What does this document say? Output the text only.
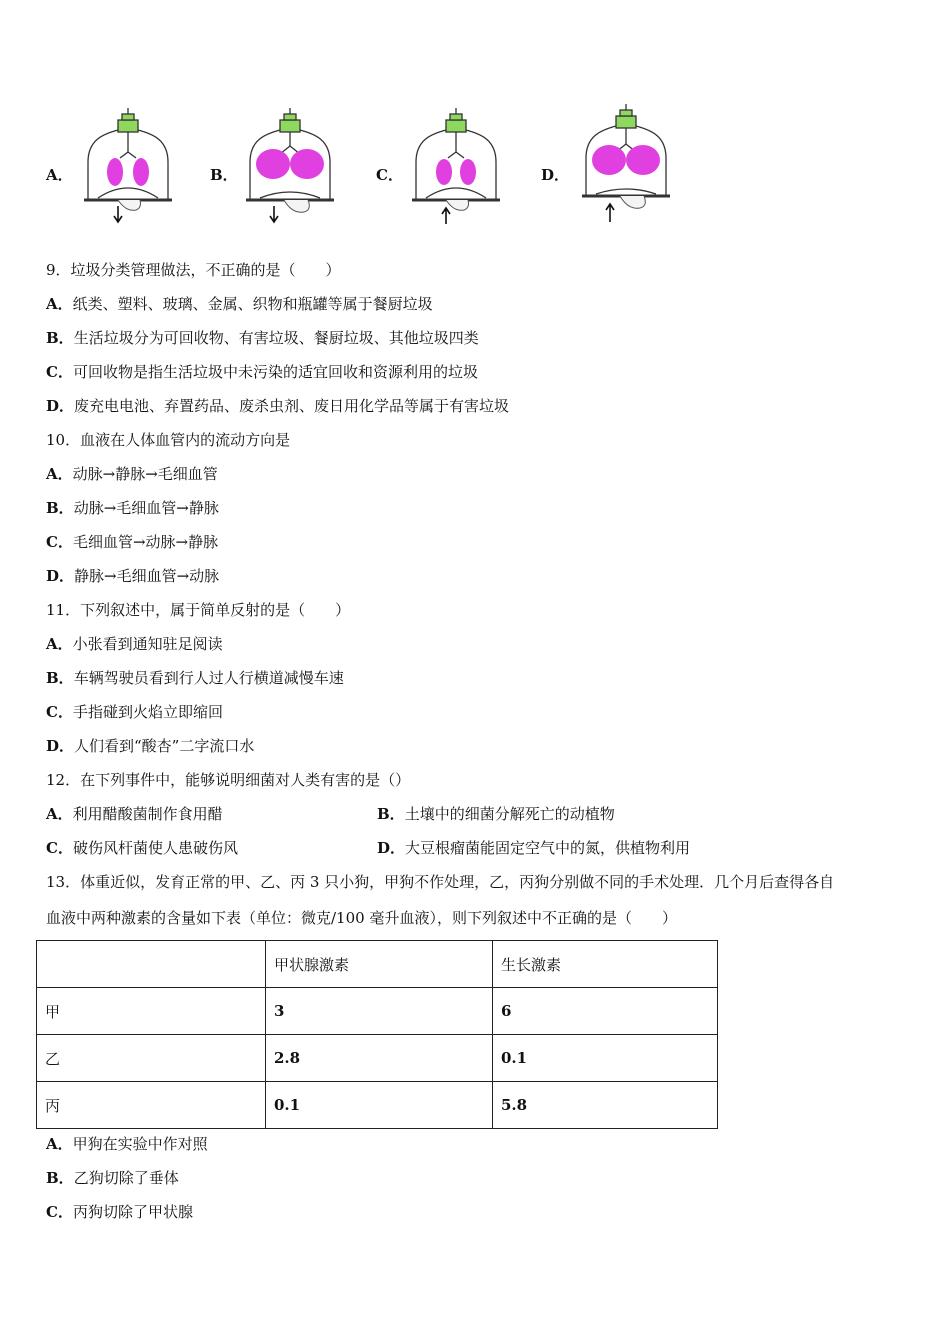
A．	B．	C．	D．
9．垃圾分类管理做法，不正确的是（　　）
A．纸类、塑料、玻璃、金属、织物和瓶罐等属于餐厨垃圾
B．生活垃圾分为可回收物、有害垃圾、餐厨垃圾、其他垃圾四类
C．可回收物是指生活垃圾中未污染的适宜回收和资源利用的垃圾
D．废充电电池、弃置药品、废杀虫剂、废日用化学品等属于有害垃圾
10．血液在人体血管内的流动方向是
A．动脉→静脉→毛细血管
B．动脉→毛细血管→静脉
C．毛细血管→动脉→静脉
D．静脉→毛细血管→动脉
11．下列叙述中，属于简单反射的是（　　）
A．小张看到通知驻足阅读
B．车辆驾驶员看到行人过人行横道减慢车速
C．手指碰到火焰立即缩回
D．人们看到“酸杏”二字流口水
12．在下列事件中，能够说明细菌对人类有害的是（）
A．利用醋酸菌制作食用醋	B．土壤中的细菌分解死亡的动植物
C．破伤风杆菌使人患破伤风	D．大豆根瘤菌能固定空气中的氮，供植物利用
13．体重近似，发育正常的甲、乙、丙 3 只小狗，甲狗不作处理，乙，丙狗分别做不同的手术处理．几个月后查得各自
血液中两种激素的含量如下表（单位：微克/100 毫升血液），则下列叙述中不正确的是（　　）
	甲状腺激素	生长激素
甲	3	6
乙	2.8	0.1
丙	0.1	5.8
A．甲狗在实验中作对照
B．乙狗切除了垂体
C．丙狗切除了甲状腺
